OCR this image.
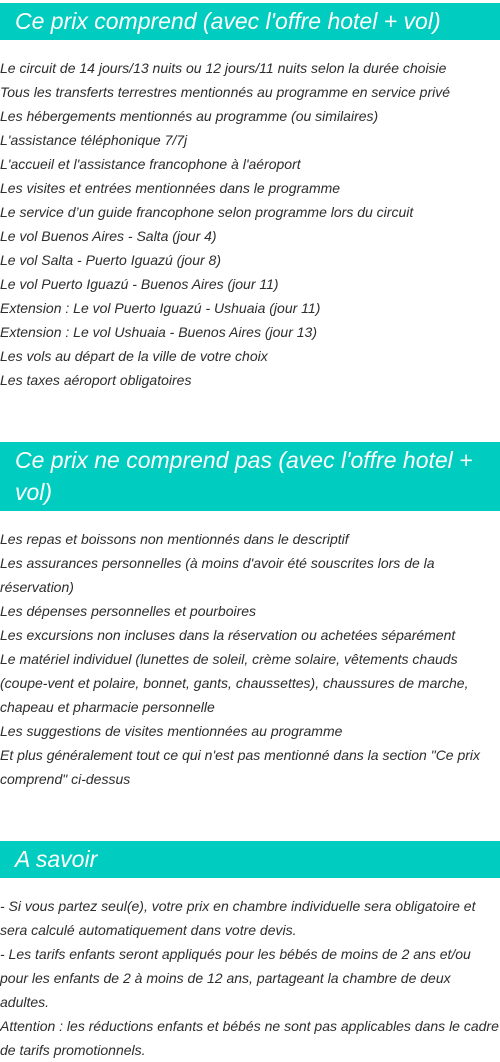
Ce prix comprend (avec l'offre hotel + vol)
Le circuit de 14 jours/13 nuits ou 12 jours/11 nuits selon la durée choisie
Tous les transferts terrestres mentionnés au programme en service privé
Les hébergements mentionnés au programme (ou similaires)
L'assistance téléphonique 7/7j
L'accueil et l'assistance francophone à l'aéroport
Les visites et entrées mentionnées dans le programme
Le service d’un guide francophone selon programme lors du circuit
Le vol Buenos Aires - Salta (jour 4)
Le vol Salta - Puerto Iguazú (jour 8)
Le vol Puerto Iguazú - Buenos Aires (jour 11)
Extension : Le vol Puerto Iguazú - Ushuaia (jour 11)
Extension : Le vol Ushuaia - Buenos Aires (jour 13)
Les vols au départ de la ville de votre choix
Les taxes aéroport obligatoires
Ce prix ne comprend pas (avec l'offre hotel + vol)
Les repas et boissons non mentionnés dans le descriptif
Les assurances personnelles (à moins d'avoir été souscrites lors de la réservation)
Les dépenses personnelles et pourboires
Les excursions non incluses dans la réservation ou achetées séparément
Le matériel individuel (lunettes de soleil, crème solaire, vêtements chauds (coupe-vent et polaire, bonnet, gants, chaussettes), chaussures de marche, chapeau et pharmacie personnelle
Les suggestions de visites mentionnées au programme
Et plus généralement tout ce qui n'est pas mentionné dans la section "Ce prix comprend" ci-dessus
A savoir

- Si vous partez seul(e), votre prix en chambre individuelle sera obligatoire et sera calculé automatiquement dans votre devis.

- Les tarifs enfants seront appliqués pour les bébés de moins de 2 ans et/ou pour les enfants de 2 à moins de 12 ans, partageant la chambre de deux adultes.

Attention : les réductions enfants et bébés ne sont pas applicables dans le cadre de tarifs promotionnels.
